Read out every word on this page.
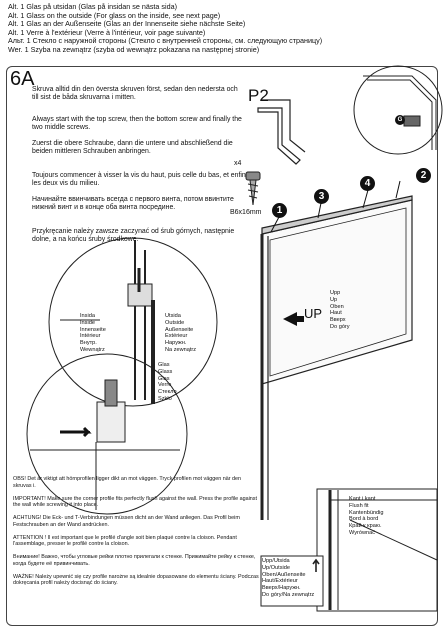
Alt. 1 Glas på utsidan (Glas på insidan se nästa sida)
Alt. 1 Glass on the outside (For glass on the inside, see next page)
Alt. 1 Glas an der Außenseite (Glas an der Innenseite siehe nächste Seite)
Alt. 1 Verre à l'extérieur (Verre à l'intérieur, voir page suivante)
Альт. 1 Стекло с наружной стороны (Стекло с внутренней стороны, см. следующую страницу)
Wer. 1 Szyba na zewnątrz (szyba od wewnątrz pokazana na następnej stronie)
6A
P2

Skruva alltid din den översta skruven först, sedan den nedersta och till sist de båda skruvarna i mitten.

Always start with the top screw, then the bottom screw and finally the two middle screws.

Zuerst die obere Schraube, dann die untere und abschließend die beiden mittleren Schrauben anbringen.

Toujours commencer à visser la vis du haut, puis celle du bas, et enfin les deux vis du milieu.

Начинайте ввинчивать всегда с первого винта, потом ввинтите нижний винт и в конце оба винта посредине.

Przykręcanie należy zawsze zaczynać od śrub górnych, następnie dolne, a na końcu śruby środkowe.

x4
B6x16mm	1
2
3
4
G
UP
Upp
Up
Oben
Haut
Вверх
Do góry
Insida
Inside
Innenseite
Intérieur
Внутр.
Wewnątrz
Utsida
Outside
Außenseite
Extérieur
Наружн.
Na zewnątrz
Glas
Glass
Glas
Verre
Стекло
Szkło
Kant i kant
Flush fit
Kantenbündig
Bord à bord
Край к краю.
Wyrównać
Upp/Utsida
Up/Outside
Oben/Außenseite
Haut/Extérieur
Вверх/Наружн.
Do góry/Na zewnątrz

OBS! Det är viktigt att hörnprofilen ligger dikt an mot väggen. Tryck profilen mot väggen när den skruvas i.

IMPORTANT! Make sure the corner profile fits perfectly flush against the wall. Press the profile against the wall while screwing it into place.

ACHTUNG! Die Eck- und T-Verbindungen müssen dicht an der Wand anliegen. Das Profil beim Festschrauben an der Wand andrücken.

ATTENTION ! Il est important que le profilé d'angle soit bien plaqué contre la cloison. Pendant l'assemblage, presser le profilé contre la cloison.

Внимание! Важно, чтобы угловые рейки плотно прилегали к стенке. Прижимайте рейку к стенке, когда будете её привинчивать.

WAŻNE! Należy upewnić się czy profile narożne są idealnie dopasowane do elementu ściany. Podczas dokręcania profil należy docisnąć do ściany.
